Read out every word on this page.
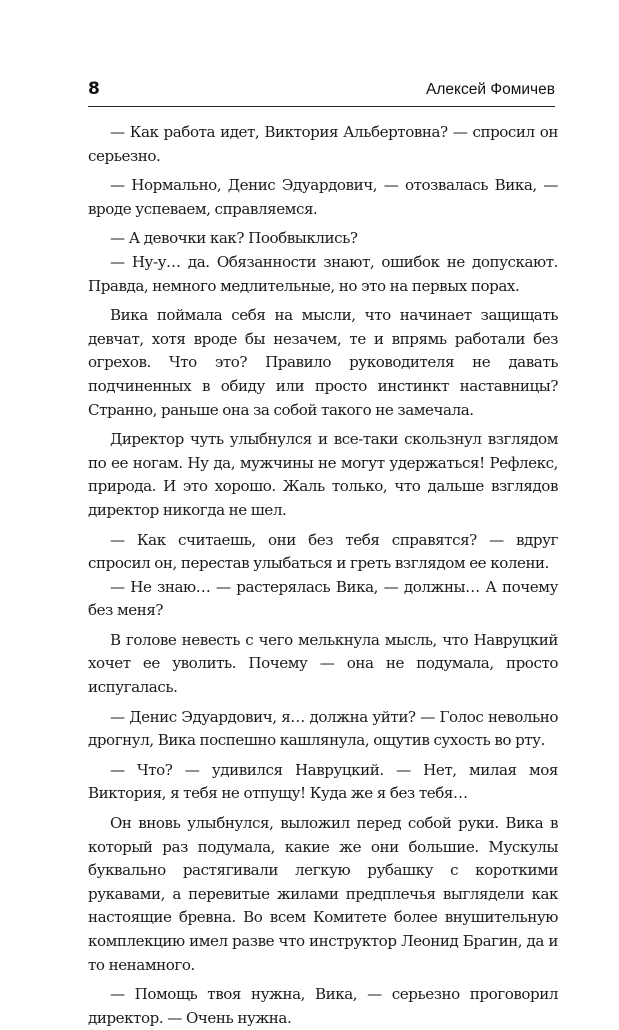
8	Алексей Фомичев

— Как работа идет, Виктория Альбертовна? — спросил он серьезно.

— Нормально, Денис Эдуардович, — отозвалась Вика, — вроде успеваем, справляемся.

— А девочки как? Пообвыклись?

— Ну-у… да. Обязанности знают, ошибок не допускают. Правда, немного медлительные, но это на первых порах.

Вика поймала себя на мысли, что начинает защищать девчат, хотя вроде бы незачем, те и впрямь работали без огрехов. Что это? Правило руководителя не давать подчиненных в обиду или просто инстинкт наставницы? Странно, раньше она за собой такого не замечала.

Директор чуть улыбнулся и все-таки скользнул взглядом по ее ногам. Ну да, мужчины не могут удержаться! Рефлекс, природа. И это хорошо. Жаль только, что дальше взглядов директор никогда не шел.

— Как считаешь, они без тебя справятся? — вдруг спросил он, перестав улыбаться и греть взглядом ее колени.

— Не знаю… — растерялась Вика, — должны… А почему без меня?

В голове невесть с чего мелькнула мысль, что Навруцкий хочет ее уволить. Почему — она не подумала, просто испугалась.

— Денис Эдуардович, я… должна уйти? — Голос невольно дрогнул, Вика поспешно кашлянула, ощутив сухость во рту.

— Что? — удивился Навруцкий. — Нет, милая моя Виктория, я тебя не отпущу! Куда же я без тебя…

Он вновь улыбнулся, выложил перед собой руки. Вика в который раз подумала, какие же они большие. Мускулы буквально растягивали легкую рубашку с короткими рукавами, а перевитые жилами предплечья выглядели как настоящие бревна. Во всем Комитете более внушительную комплекцию имел разве что инструктор Леонид Брагин, да и то ненамного.

— Помощь твоя нужна, Вика, — серьезно проговорил директор. — Очень нужна.
